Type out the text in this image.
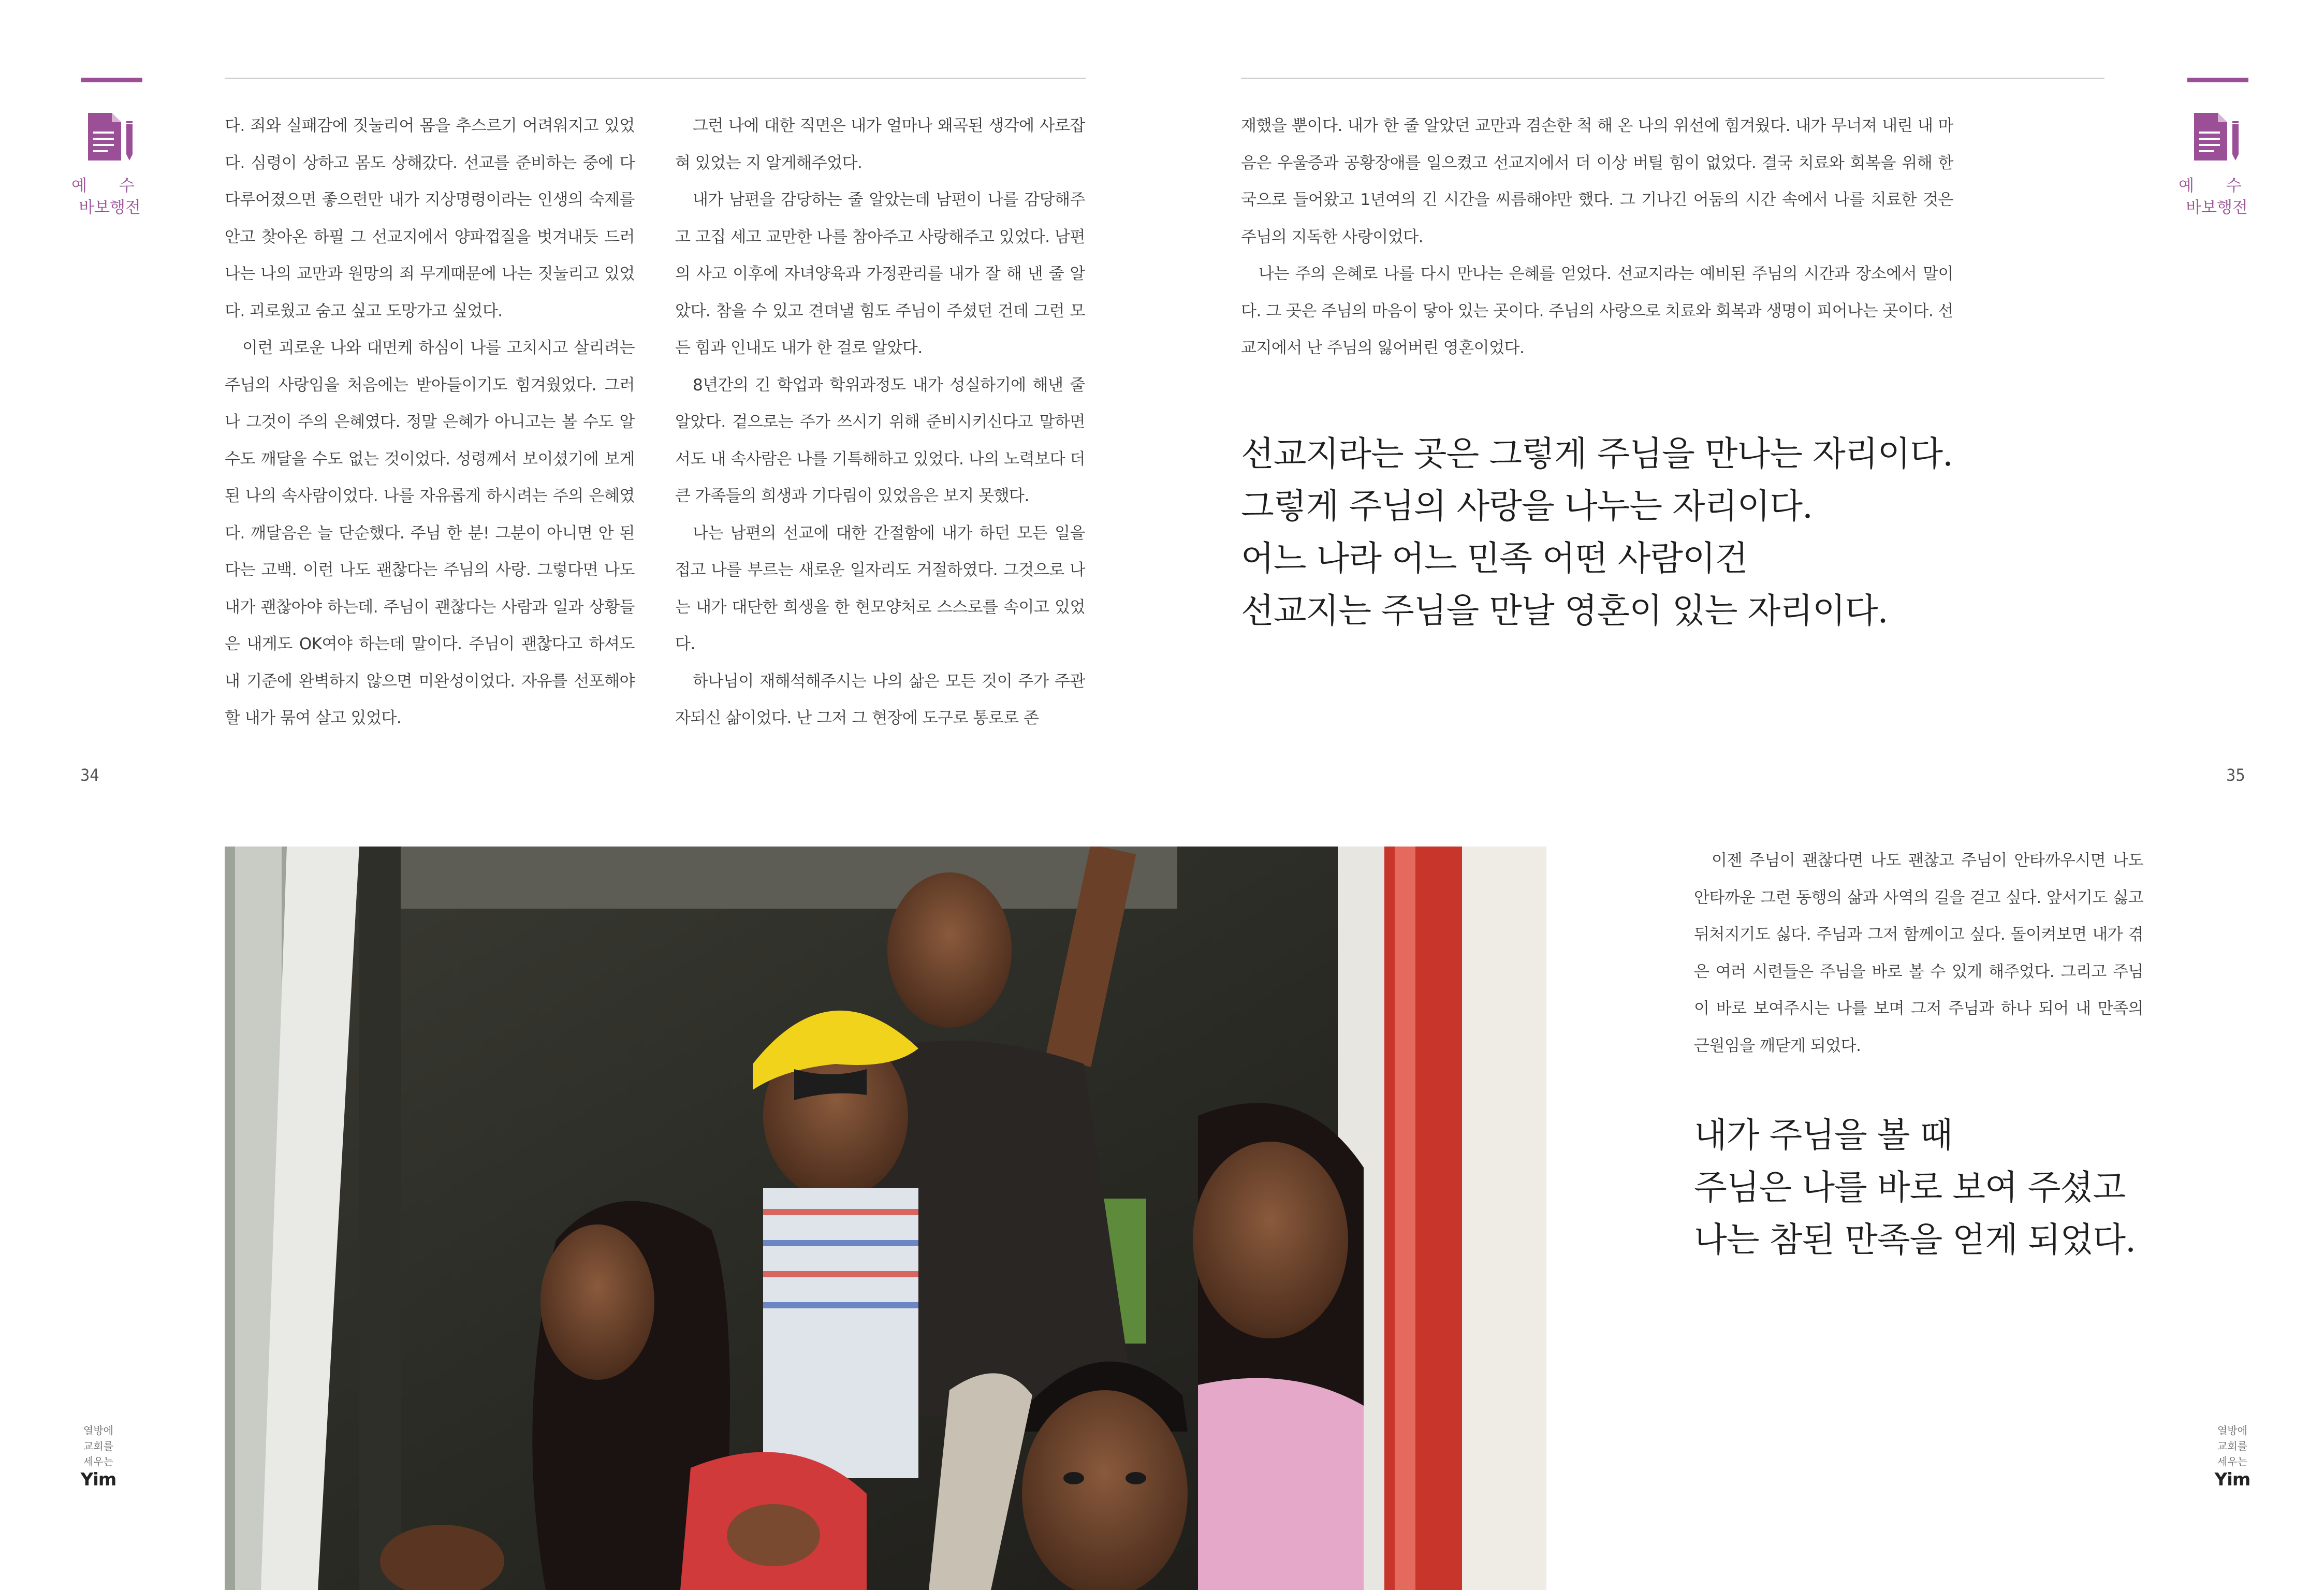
예 수
바보행전

다. 죄와 실패감에 짓눌리어 몸을 추스르기 어려워지고 있었다. 심령이 상하고 몸도 상해갔다. 선교를 준비하는 중에 다 다루어졌으면 좋으련만 내가 지상명령이라는 인생의 숙제를 안고 찾아온 하필 그 선교지에서 양파껍질을 벗겨내듯 드러나는 나의 교만과 원망의 죄 무게때문에 나는 짓눌리고 있었다. 괴로웠고 숨고 싶고 도망가고 싶었다.

이런 괴로운 나와 대면케 하심이 나를 고치시고 살리려는 주님의 사랑임을 처음에는 받아들이기도 힘겨웠었다. 그러나 그것이 주의 은혜였다. 정말 은혜가 아니고는 볼 수도 알 수도 깨달을 수도 없는 것이었다. 성령께서 보이셨기에 보게 된 나의 속사람이었다. 나를 자유롭게 하시려는 주의 은혜였다. 깨달음은 늘 단순했다. 주님 한 분! 그분이 아니면 안 된다는 고백. 이런 나도 괜찮다는 주님의 사랑. 그렇다면 나도 내가 괜찮아야 하는데. 주님이 괜찮다는 사람과 일과 상황들은 내게도 OK여야 하는데 말이다. 주님이 괜찮다고 하셔도 내 기준에 완벽하지 않으면 미완성이었다. 자유를 선포해야 할 내가 묶여 살고 있었다.

그런 나에 대한 직면은 내가 얼마나 왜곡된 생각에 사로잡혀 있었는 지 알게해주었다.

내가 남편을 감당하는 줄 알았는데 남편이 나를 감당해주고 고집 세고 교만한 나를 참아주고 사랑해주고 있었다. 남편의 사고 이후에 자녀양육과 가정관리를 내가 잘 해 낸 줄 알았다. 참을 수 있고 견뎌낼 힘도 주님이 주셨던 건데 그런 모든 힘과 인내도 내가 한 걸로 알았다.

8년간의 긴 학업과 학위과정도 내가 성실하기에 해낸 줄 알았다. 겉으로는 주가 쓰시기 위해 준비시키신다고 말하면서도 내 속사람은 나를 기특해하고 있었다. 나의 노력보다 더 큰 가족들의 희생과 기다림이 있었음은 보지 못했다.

나는 남편의 선교에 대한 간절함에 내가 하던 모든 일을 접고 나를 부르는 새로운 일자리도 거절하였다. 그것으로 나는 내가 대단한 희생을 한 현모양처로 스스로를 속이고 있었다.

하나님이 재해석해주시는 나의 삶은 모든 것이 주가 주관자되신 삶이었다. 난 그저 그 현장에 도구로 통로로 존

34
예 수
바보행전

재했을 뿐이다. 내가 한 줄 알았던 교만과 겸손한 척 해 온 나의 위선에 힘겨웠다. 내가 무너져 내린 내 마음은 우울증과 공황장애를 일으켰고 선교지에서 더 이상 버틸 힘이 없었다. 결국 치료와 회복을 위해 한국으로 들어왔고 1년여의 긴 시간을 씨름해야만 했다. 그 기나긴 어둠의 시간 속에서 나를 치료한 것은 주님의 지독한 사랑이었다.

나는 주의 은혜로 나를 다시 만나는 은혜를 얻었다. 선교지라는 예비된 주님의 시간과 장소에서 말이다. 그 곳은 주님의 마음이 닿아 있는 곳이다. 주님의 사랑으로 치료와 회복과 생명이 피어나는 곳이다. 선교지에서 난 주님의 잃어버린 영혼이었다.

선교지라는 곳은 그렇게 주님을 만나는 자리이다.
그렇게 주님의 사랑을 나누는 자리이다.
어느 나라 어느 민족 어떤 사람이건
선교지는 주님을 만날 영혼이 있는 자리이다.
35

이젠 주님이 괜찮다면 나도 괜찮고 주님이 안타까우시면 나도 안타까운 그런 동행의 삶과 사역의 길을 걷고 싶다. 앞서기도 싫고 뒤처지기도 싫다. 주님과 그저 함께이고 싶다. 돌이켜보면 내가 겪은 여러 시련들은 주님을 바로 볼 수 있게 해주었다. 그리고 주님이 바로 보여주시는 나를 보며 그저 주님과 하나 되어 내 만족의 근원임을 깨닫게 되었다.

내가 주님을 볼 때
주님은 나를 바로 보여 주셨고
나는 참된 만족을 얻게 되었다.
열방에
교회를
세우는
Yim
열방에
교회를
세우는
Yim
